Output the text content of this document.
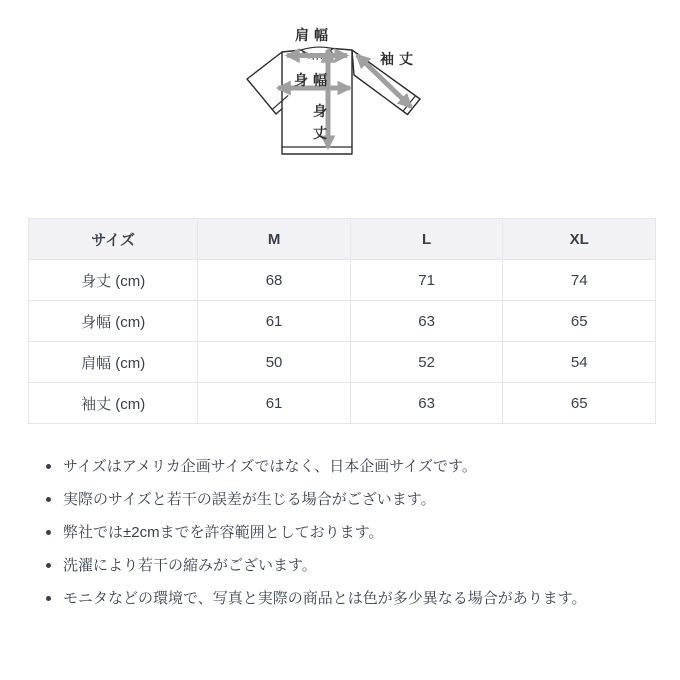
肩幅
袖丈
身幅
身丈
サイズ	M	L	XL
身丈 (cm)	68	71	74
身幅 (cm)	61	63	65
肩幅 (cm)	50	52	54
袖丈 (cm)	61	63	65
サイズはアメリカ企画サイズではなく、日本企画サイズです。
実際のサイズと若干の誤差が生じる場合がございます。
弊社では±2cmまでを許容範囲としております。
洗濯により若干の縮みがございます。
モニタなどの環境で、写真と実際の商品とは色が多少異なる場合があります。
